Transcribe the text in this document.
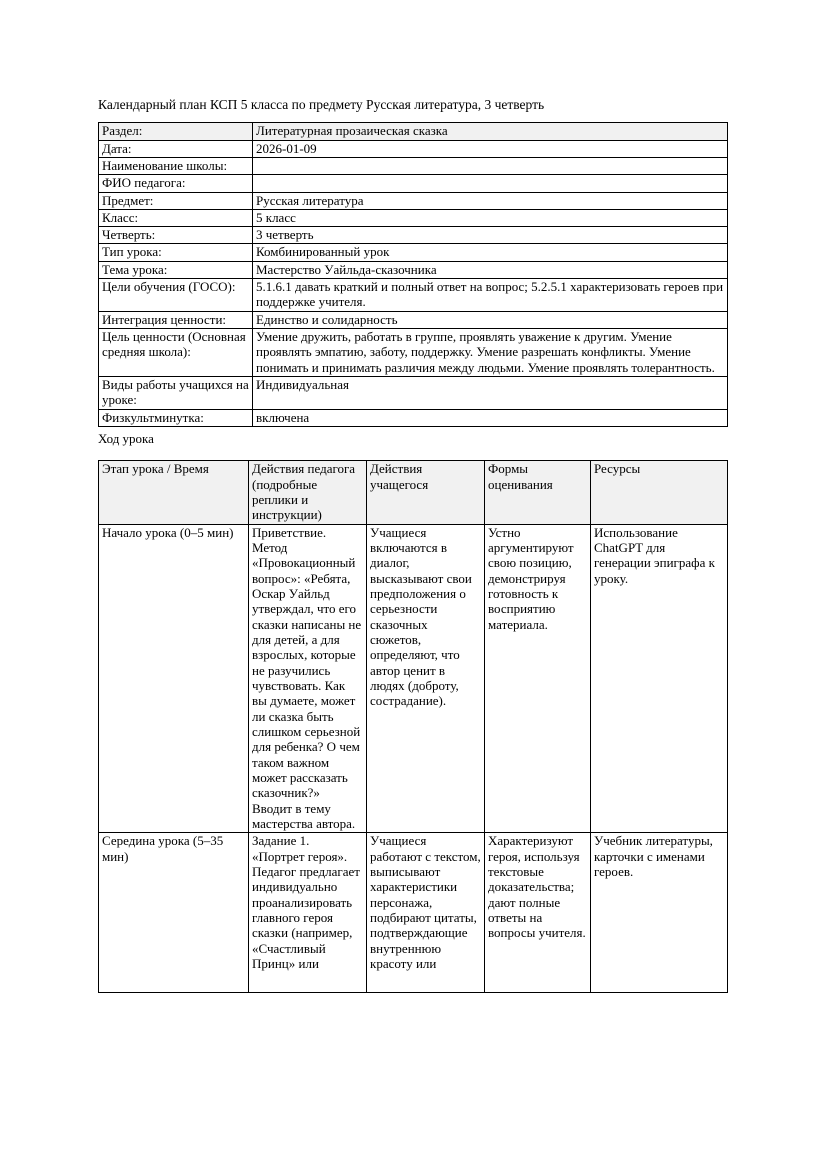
Календарный план КСП 5 класса по предмету Русская литература, 3 четверть

Раздел:	Литературная прозаическая сказка
Дата:	2026-01-09
Наименование школы:	
ФИО педагога:	
Предмет:	Русская литература
Класс:	5 класс
Четверть:	3 четверть
Тип урока:	Комбинированный урок
Тема урока:	Мастерство Уайльда-сказочника
Цели обучения (ГОСО):	5.1.6.1 давать краткий и полный ответ на вопрос; 5.2.5.1 характеризовать героев при поддержке учителя.
Интеграция ценности:	Единство и солидарность
Цель ценности (Основная средняя школа):	Умение дружить, работать в группе, проявлять уважение к другим. Умение проявлять эмпатию, заботу, поддержку. Умение разрешать конфликты. Умение понимать и принимать различия между людьми. Умение проявлять толерантность.
Виды работы учащихся на уроке:	Индивидуальная
Физкультминутка:	включена

Ход урока

Этап урока / Время	Действия педагога (подробные реплики и инструкции)	Действия учащегося	Формы оценивания	Ресурсы
Начало урока (0–5 мин)	Приветствие. Метод «Провокационный вопрос»: «Ребята, Оскар Уайльд утверждал, что его сказки написаны не для детей, а для взрослых, которые не разучились чувствовать. Как вы думаете, может ли сказка быть слишком серьезной для ребенка? О чем таком важном может рассказать сказочник?» Вводит в тему мастерства автора.	Учащиеся включаются в диалог, высказывают свои предположения о серьезности сказочных сюжетов, определяют, что автор ценит в людях (доброту, сострадание).	Устно аргументируют свою позицию, демонстрируя готовность к восприятию материала.	Использование ChatGPT для генерации эпиграфа к уроку.

Середина урока (5–35 мин)	Задание 1. «Портрет героя». Педагог предлагает индивидуально проанализировать главного героя сказки (например, «Счастливый Принц» или	Учащиеся работают с текстом, выписывают характеристики персонажа, подбирают цитаты, подтверждающие внутреннюю красоту или	Характеризуют героя, используя текстовые доказательства; дают полные ответы на вопросы учителя.	Учебник литературы, карточки с именами героев.
